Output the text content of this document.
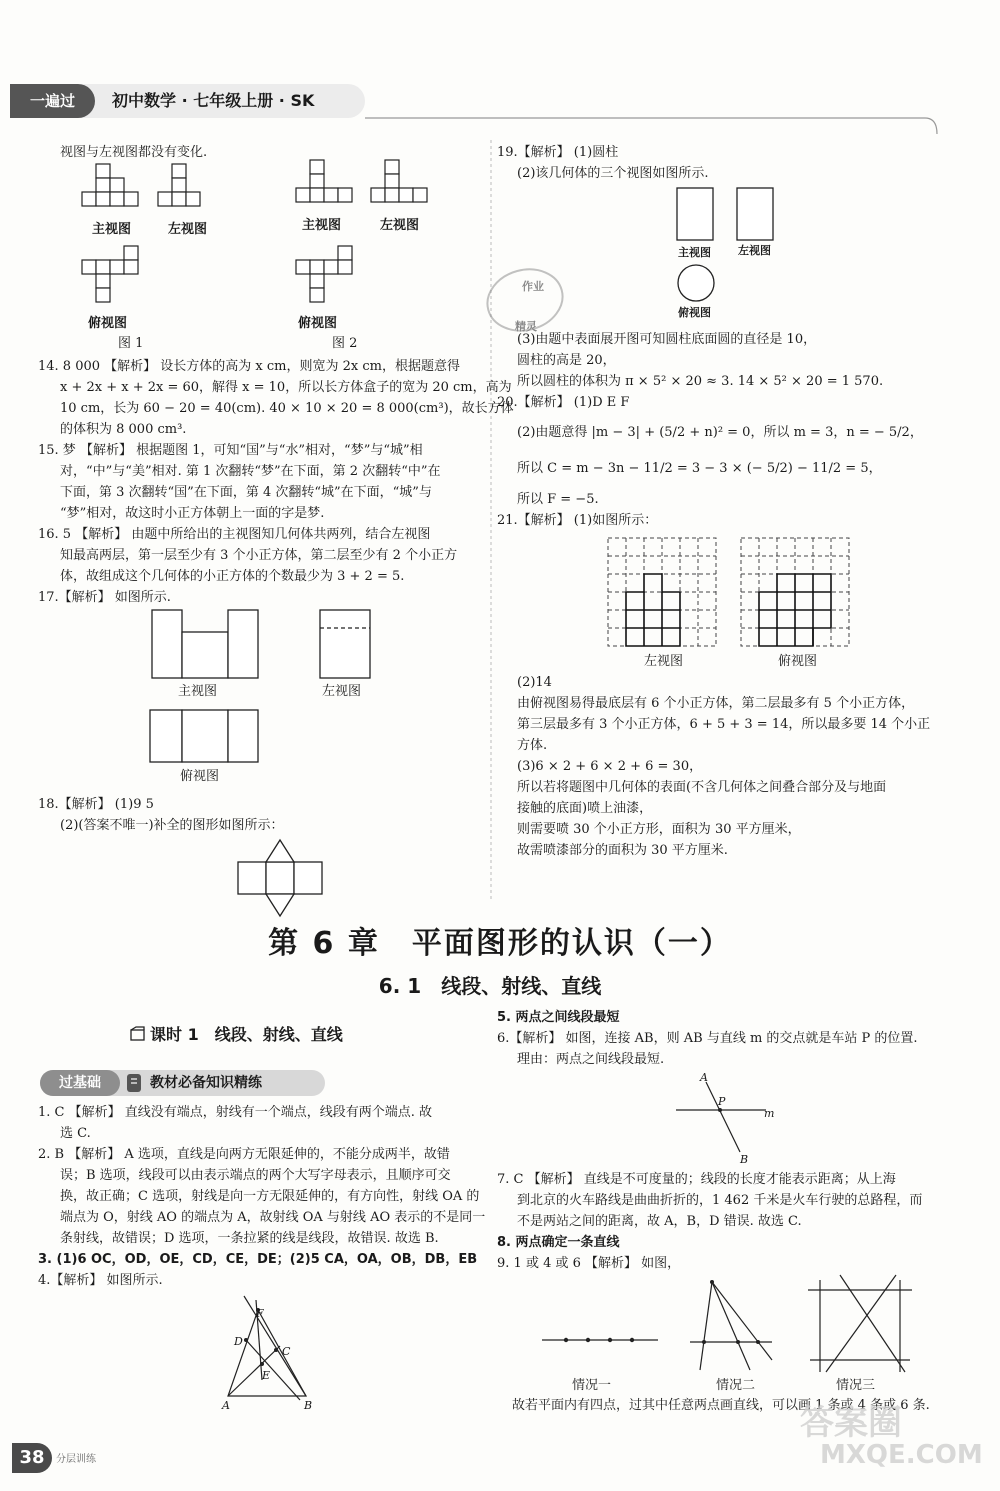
一遍过	初中数学 · 七年级上册 · SK
视图与左视图都没有变化.
主视图	左视图
俯视图
图 1
主视图	左视图
俯视图
图 2
14. 8 000 【解析】 设长方体的高为 x cm，则宽为 2x cm，根据题意得
x + 2x + x + 2x = 60，解得 x = 10，所以长方体盒子的宽为 20 cm，高为
10 cm，长为 60 − 20 = 40(cm). 40 × 10 × 20 = 8 000(cm³)，故长方体
的体积为 8 000 cm³.
15. 梦 【解析】 根据题图 1，可知“国”与“水”相对，“梦”与“城”相
对，“中”与“美”相对. 第 1 次翻转“梦”在下面，第 2 次翻转“中”在
下面，第 3 次翻转“国”在下面，第 4 次翻转“城”在下面，“城”与
“梦”相对，故这时小正方体朝上一面的字是梦.
16. 5 【解析】 由题中所给出的主视图知几何体共两列，结合左视图
知最高两层，第一层至少有 3 个小正方体，第二层至少有 2 个小正方
体，故组成这个几何体的小正方体的个数最少为 3 + 2 = 5.
17.【解析】 如图所示.
主视图	左视图
俯视图
18.【解析】 (1)9 5
(2)(答案不唯一)补全的图形如图所示：
19.【解析】 (1)圆柱
(2)该几何体的三个视图如图所示.
主视图 左视图
俯视图
作业
精灵
(3)由题中表面展开图可知圆柱底面圆的直径是 10，
圆柱的高是 20，
所以圆柱的体积为 π × 5² × 20 ≈ 3. 14 × 5² × 20 = 1 570.
20.【解析】 (1)D E F
(2)由题意得 |m − 3| + (5/2 + n)² = 0，所以 m = 3，n = − 5/2，
所以 C = m − 3n − 11/2 = 3 − 3 × (− 5/2) − 11/2 = 5，
所以 F = −5.
21.【解析】 (1)如图所示：
左视图	俯视图
(2)14
由俯视图易得最底层有 6 个小正方体，第二层最多有 5 个小正方体，
第三层最多有 3 个小正方体，6 + 5 + 3 = 14，所以最多要 14 个小正
方体.
(3)6 × 2 + 6 × 2 + 6 = 30，
所以若将题图中几何体的表面(不含几何体之间叠合部分及与地面
接触的底面)喷上油漆，
则需要喷 30 个小正方形，面积为 30 平方厘米，
故需喷漆部分的面积为 30 平方厘米.
第 6 章　平面图形的认识（一）
6. 1　线段、射线、直线
课时 1　线段、射线、直线
过基础	教材必备知识精练
1. C 【解析】 直线没有端点，射线有一个端点，线段有两个端点. 故
选 C.
2. B 【解析】 A 选项，直线是向两方无限延伸的，不能分成两半，故错
误；B 选项，线段可以由表示端点的两个大写字母表示，且顺序可交
换，故正确；C 选项，射线是向一方无限延伸的，有方向性，射线 OA 的
端点为 O，射线 AO 的端点为 A，故射线 OA 与射线 AO 表示的不是同一
条射线，故错误；D 选项，一条拉紧的线是线段，故错误. 故选 B.
3. (1)6 OC，OD，OE，CD，CE，DE；(2)5 CA，OA，OB，DB，EB
4.【解析】 如图所示.
F
D
C
E
A	B
5. 两点之间线段最短
6.【解析】 如图，连接 AB，则 AB 与直线 m 的交点就是车站 P 的位置.
理由：两点之间线段最短.
A
P
m
B
7. C 【解析】 直线是不可度量的；线段的长度才能表示距离；从上海
到北京的火车路线是曲曲折折的，1 462 千米是火车行驶的总路程，而
不是两站之间的距离，故 A，B，D 错误. 故选 C.
8. 两点确定一条直线
9. 1 或 4 或 6 【解析】 如图，
情况一	情况二	情况三
故若平面内有四点，过其中任意两点画直线，可以画 1 条或 4 条或 6 条.
38	分层训练
答案圈
MXQE.COM
